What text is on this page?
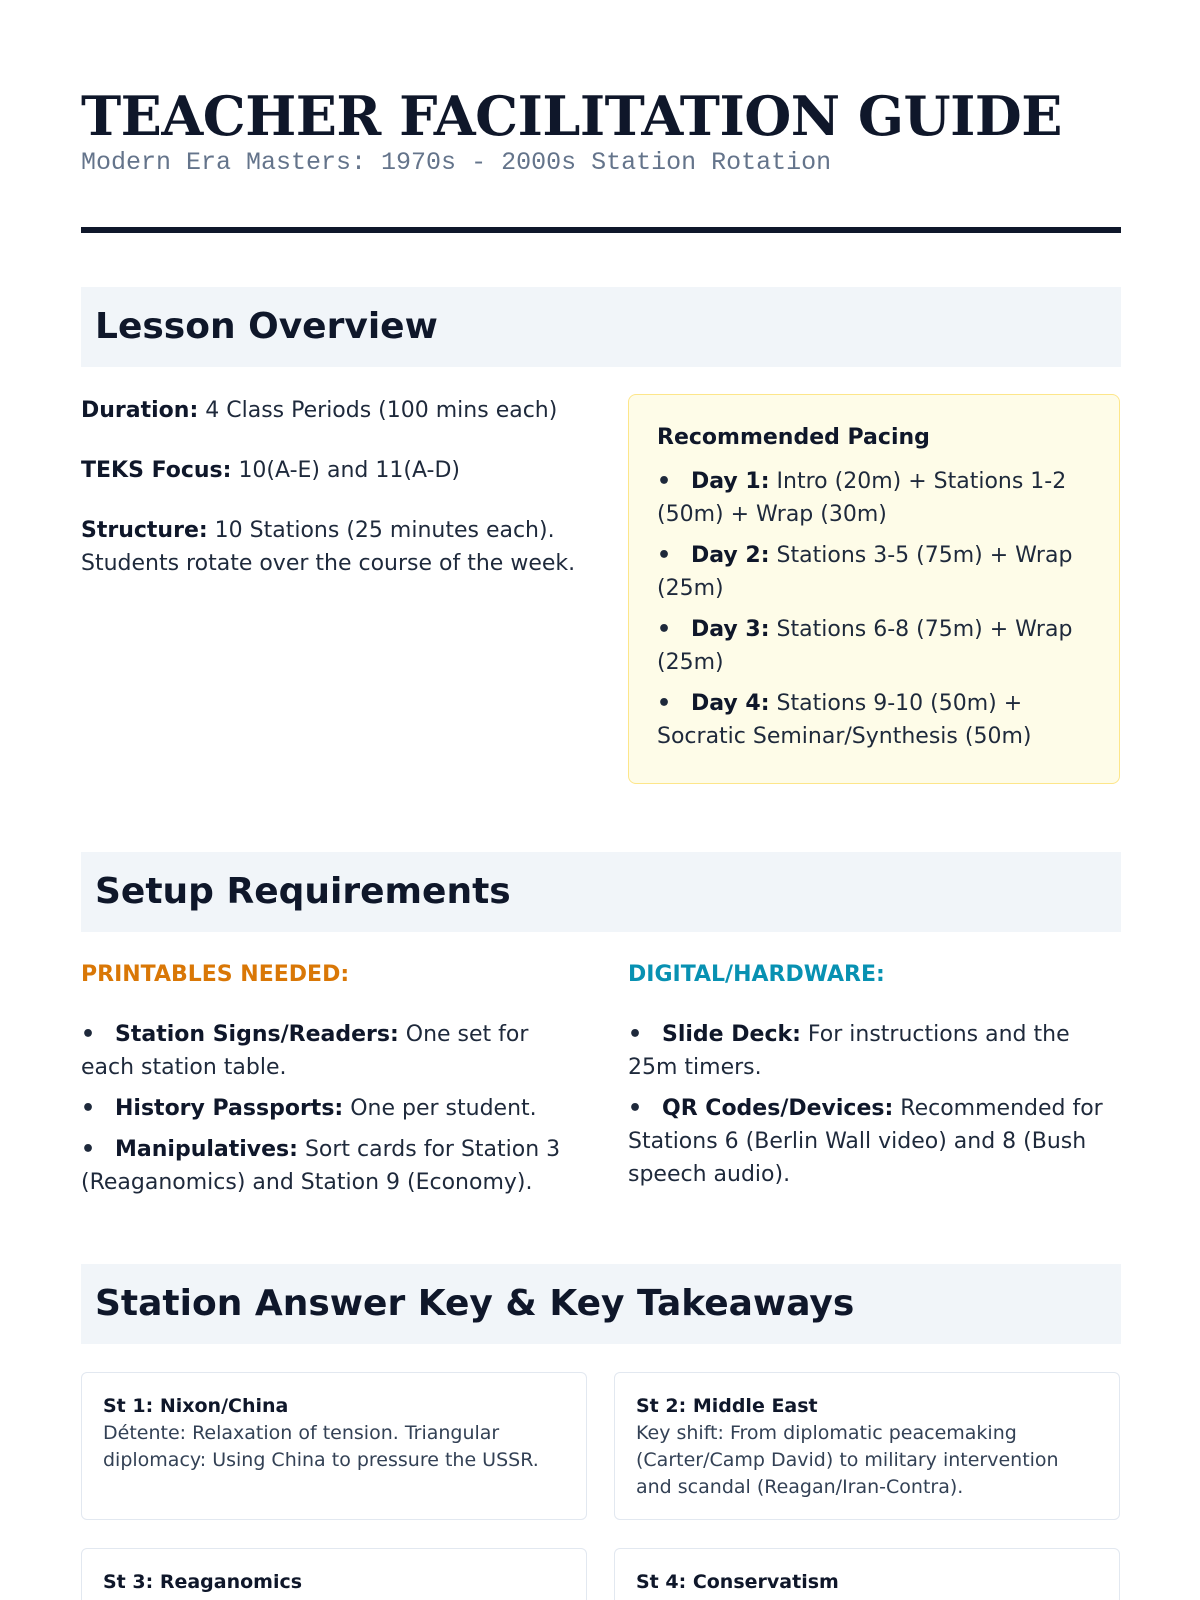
TEACHER FACILITATION GUIDE

Modern Era Masters: 1970s - 2000s Station Rotation

Lesson Overview

Duration: 4 Class Periods (100 mins each)

TEKS Focus: 10(A-E) and 11(A-D)

Structure: 10 Stations (25 minutes each). Students rotate over the course of the week.

Recommended Pacing

• Day 1: Intro (20m) + Stations 1-2 (50m) + Wrap (30m)
• Day 2: Stations 3-5 (75m) + Wrap (25m)
• Day 3: Stations 6-8 (75m) + Wrap (25m)
• Day 4: Stations 9-10 (50m) + Socratic Seminar/Synthesis (50m)
Setup Requirements

PRINTABLES NEEDED:

• Station Signs/Readers: One set for each station table.
• History Passports: One per student.
• Manipulatives: Sort cards for Station 3 (Reaganomics) and Station 9 (Economy).

DIGITAL/HARDWARE:

• Slide Deck: For instructions and the 25m timers.
• QR Codes/Devices: Recommended for Stations 6 (Berlin Wall video) and 8 (Bush speech audio).
Station Answer Key & Key Takeaways

St 1: Nixon/China

Détente: Relaxation of tension. Triangular diplomacy: Using China to pressure the USSR.

St 2: Middle East

Key shift: From diplomatic peacemaking (Carter/Camp David) to military intervention and scandal (Reagan/Iran-Contra).

St 3: Reaganomics	St 4: Conservatism
